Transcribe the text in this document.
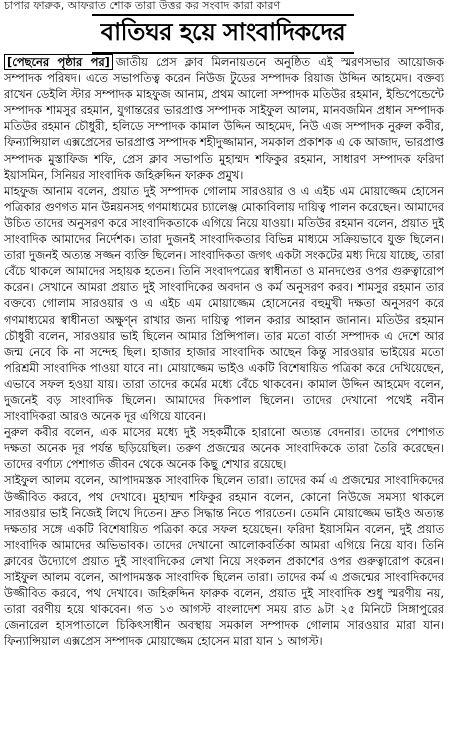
চাপার ফারুক, আফরাত শোক তারা উত্তর কর সংবাদ কারা কারণ
বাতিঘর হয়ে সাংবাদিকদের

[পেছনের পৃষ্ঠার পর] জাতীয় প্রেস ক্লাব মিলনায়তনে অনুষ্ঠিত এই স্মরণসভার আয়োজক সম্পাদক পরিষদ। এতে সভাপতিত্ব করেন নিউজ টুডের সম্পাদক রিয়াজ উদ্দিন আহমেদ। বক্তব্য রাখেন ডেইলি স্টার সম্পাদক মাহফুজ আনাম, প্রথম আলো সম্পাদক মতিউর রহমান, ইন্ডিপেন্ডেন্টে সম্পাদক শামসুর রহমান, যুগান্তরের ভারপ্রাপ্ত সম্পাদক সাইফুল আলম, মানবজমিন প্রধান সম্পাদক মতিউর রহমান চৌধুরী, হলিডে সম্পাদক কামাল উদ্দিন আহমেদ, নিউ এজ সম্পাদক নুরুল কবীর, ফিন্যান্সিয়াল এক্সপ্রেসের ভারপ্রাপ্ত সম্পাদক শহীদুজ্জামান, সমকাল প্রকাশক এ কে আজাদ, ভারপ্রাপ্ত সম্পাদক মুস্তাফিজ শফি, প্রেস ক্লাব সভাপতি মুহাম্মদ শফিকুর রহমান, সাধারণ সম্পাদক ফরিদা ইয়াসমিন, সিনিয়র সাংবাদিক জহিরুদ্দিন ফারুক প্রমুখ।

মাহফুজ আনাম বলেন, প্রয়াত দুই সম্পাদক গোলাম সারওয়ার ও এ এইচ এম মোয়াজ্জেম হোসেন পত্রিকার গুণগত মান উন্নয়নসহ গণমাধ্যমের চ্যালেঞ্জ মোকাবিলায় দায়িত্ব পালন করেছেন। আমাদের উচিত তাদের অনুসরণ করে সাংবাদিকতাকে এগিয়ে নিয়ে যাওয়া। মতিউর রহমান বলেন, প্রয়াত দুই সাংবাদিক আমাদের নির্দেশক। তারা দুজনই সাংবাদিকতার বিভিন্ন মাধ্যমে সক্রিয়ভাবে যুক্ত ছিলেন। তারা দুজনই অত্যন্ত সজ্জন ব্যক্তি ছিলেন। সাংবাদিকতা জগৎ একটা সংকটের মধ্য দিয়ে যাচ্ছে, তারা বেঁচে থাকলে আমাদের সহায়ক হতেন। তিনি সংবাদপত্রের স্বাধীনতা ও মানদণ্ডের ওপর গুরুত্বারোপ করেন। সেখানে আমরা প্রয়াত দুই সাংবাদিকের অবদান ও কর্ম অনুসরণ করব। শামসুর রহমান তার বক্তব্যে গোলাম সারওয়ার ও এ এইচ এম মোয়াজ্জেম হোসেনের বহুমুখী দক্ষতা অনুসরণ করে গণমাধ্যমের স্বাধীনতা অক্ষুণ্ন রাখার জন্য দায়িত্ব পালন করার আহ্বান জানান। মতিউর রহমান চৌধুরী বলেন, সারওয়ার ভাই ছিলেন আমার প্রিন্সিপাল। তার মতো বার্তা সম্পাদক এ দেশে আর জন্ম নেবে কি না সন্দেহ ছিল। হাজার হাজার সাংবাদিক আছেন কিন্তু সারওয়ার ভাইয়ের মতো পরিশ্রমী সাংবাদিক পাওয়া যাবে না। মোয়াজ্জেম ভাইও একটি বিশেষায়িত পত্রিকা করে দেখিয়েছেন, এভাবে সফল হওয়া যায়। তারা তাদের কর্মের মধ্যে বেঁচে থাকবেন। কামাল উদ্দিন আহমেদ বলেন, দুজনেই বড় সাংবাদিক ছিলেন। আমাদের দিকপাল ছিলেন। তাদের দেখানো পথেই নবীন সাংবাদিকরা আরও অনেক দূর এগিয়ে যাবেন।

নুরুল কবীর বলেন, এক মাসের মধ্যে দুই সহকর্মীকে হারানো অত্যন্ত বেদনার। তাদের পেশাগত দক্ষতা অনেক দূর পর্যন্ত ছড়িয়েছিল। তরুণ প্রজন্মের অনেক সাংবাদিককে তারা তৈরি করেছেন। তাদের বর্ণাঢ্য পেশাগত জীবন থেকে অনেক কিছু শেখার রয়েছে।

সাইফুল আলম বলেন, আপাদমস্তক সাংবাদিক ছিলেন তারা। তাদের কর্ম এ প্রজন্মের সাংবাদিকদের উজ্জীবিত করবে, পথ দেখাবে। মুহাম্মদ শফিকুর রহমান বলেন, কোনো নিউজে সমস্যা থাকলে সারওয়ার ভাই নিজেই লিখে দিতেন। দ্রুত সিদ্ধান্ত নিতে পারতেন। তেমনি মোয়াজ্জেম ভাইও অত্যন্ত দক্ষতার সঙ্গে একটি বিশেষায়িত পত্রিকা করে সফল হয়েছেন। ফরিদা ইয়াসমিন বলেন, দুই প্রয়াত সাংবাদিক আমাদের অভিভাবক। তাদের দেখানো আলোকবর্তিকা আমরা এগিয়ে নিয়ে যাব। তিনি ক্লাবের উদ্যোগে প্রয়াত দুই সাংবাদিকের লেখা নিয়ে সংকলন প্রকাশের ওপর গুরুত্বারোপ করেন। সাইফুল আলম বলেন, আপাদমস্তক সাংবাদিক ছিলেন তারা। তাদের কর্ম এ প্রজন্মের সাংবাদিকদের উজ্জীবিত করবে, পথ দেখাবে। জহিরুদ্দিন ফারুক বলেন, প্রয়াত দুই সাংবাদিক শুধু স্মরণীয় নয়, তারা বরণীয় হয়ে থাকবেন। গত ১৩ আগস্ট বাংলাদেশ সময় রাত ৯টা ২৫ মিনিটে সিঙ্গাপুরের জেনারেল হাসপাতালে চিকিৎসাধীন অবস্থায় সমকাল সম্পাদক গোলাম সারওয়ার মারা যান। ফিন্যান্সিয়াল এক্সপ্রেস সম্পাদক মোয়াজ্জেম হোসেন মারা যান ১ আগস্ট।
